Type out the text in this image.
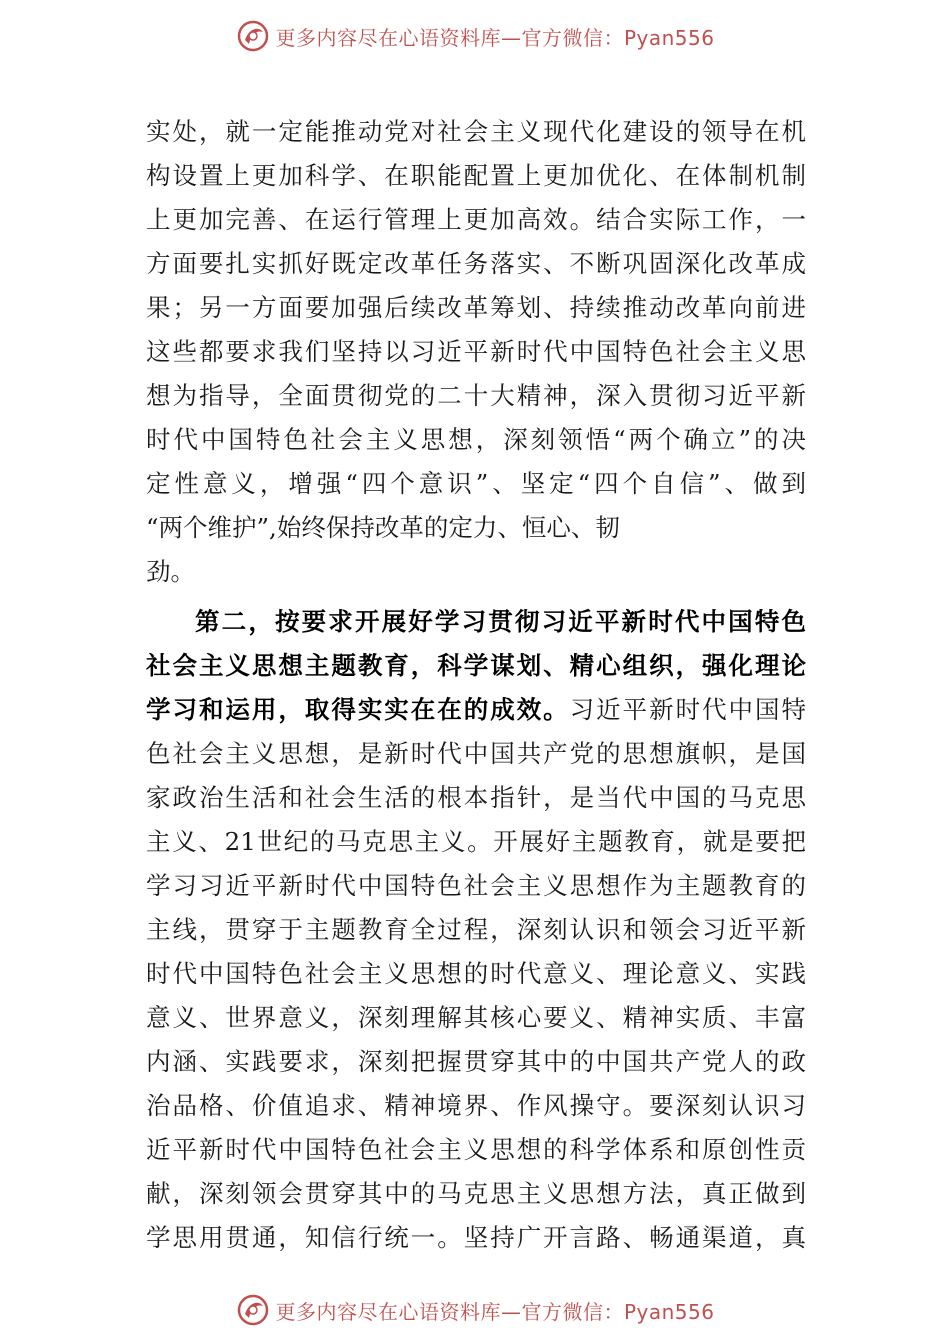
更多内容尽在心语资料库—官方微信：Pyan556
实处，就一定能推动党对社会主义现代化建设的领导在机
构设置上更加科学、在职能配置上更加优化、在体制机制
上更加完善、在运行管理上更加高效。结合实际工作，一
方面要扎实抓好既定改革任务落实、不断巩固深化改革成
果；另一方面要加强后续改革筹划、持续推动改革向前进
这些都要求我们坚持以习近平新时代中国特色社会主义思
想为指导，全面贯彻党的二十大精神，深入贯彻习近平新
时代中国特色社会主义思想，深刻领悟“两个确立”的决
定性意义，增强“四个意识”、坚定“四个自信”、做到
“两个维护”,始终保持改革的定力、恒心、韧
劲。
第二，按要求开展好学习贯彻习近平新时代中国特色
社会主义思想主题教育，科学谋划、精心组织，强化理论
学习和运用，取得实实在在的成效。习近平新时代中国特
色社会主义思想，是新时代中国共产党的思想旗帜，是国
家政治生活和社会生活的根本指针，是当代中国的马克思
主义、21世纪的马克思主义。开展好主题教育，就是要把
学习习近平新时代中国特色社会主义思想作为主题教育的
主线，贯穿于主题教育全过程，深刻认识和领会习近平新
时代中国特色社会主义思想的时代意义、理论意义、实践
意义、世界意义，深刻理解其核心要义、精神实质、丰富
内涵、实践要求，深刻把握贯穿其中的中国共产党人的政
治品格、价值追求、精神境界、作风操守。要深刻认识习
近平新时代中国特色社会主义思想的科学体系和原创性贡
献，深刻领会贯穿其中的马克思主义思想方法，真正做到
学思用贯通，知信行统一。坚持广开言路、畅通渠道，真
更多内容尽在心语资料库—官方微信：Pyan556
